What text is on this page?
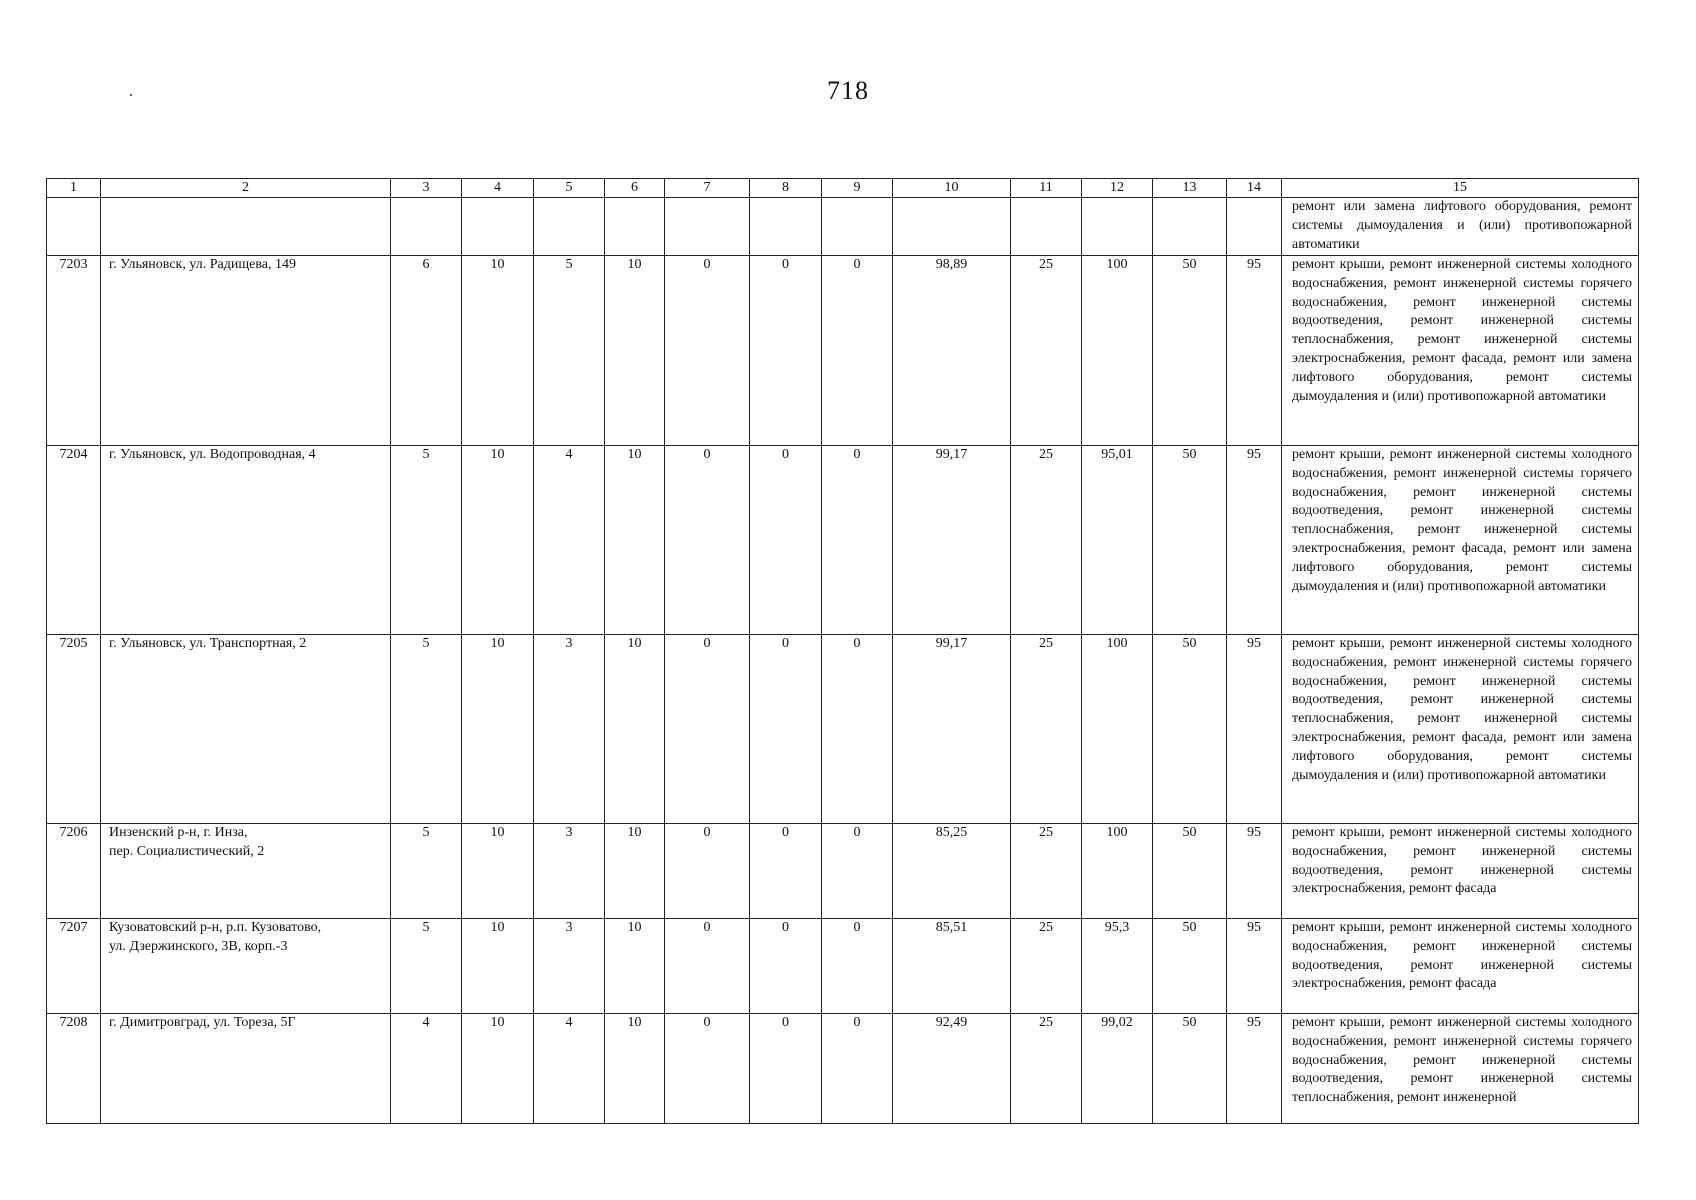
718
1	2	3	4	5	6	7	8	9	10	11	12	13	14	15

													ремонт или замена лифтового оборудования, ремонт системы дымоудаления и (или) противопожарной автоматики
7203	г. Ульяновск, ул. Радищева, 149	6	10	5	10	0	0	0	98,89	25	100	50	95	ремонт крыши, ремонт инженерной системы холодного водоснабжения, ремонт инженерной системы горячего водоснабжения, ремонт инженерной системы водоотведения, ремонт инженерной системы теплоснабжения, ремонт инженерной системы электроснабжения, ремонт фасада, ремонт или замена лифтового оборудования, ремонт системы дымоудаления и (или) противопожарной автоматики
7204	г. Ульяновск, ул. Водопроводная, 4	5	10	4	10	0	0	0	99,17	25	95,01	50	95	ремонт крыши, ремонт инженерной системы холодного водоснабжения, ремонт инженерной системы горячего водоснабжения, ремонт инженерной системы водоотведения, ремонт инженерной системы теплоснабжения, ремонт инженерной системы электроснабжения, ремонт фасада, ремонт или замена лифтового оборудования, ремонт системы дымоудаления и (или) противопожарной автоматики
7205	г. Ульяновск, ул. Транспортная, 2	5	10	3	10	0	0	0	99,17	25	100	50	95	ремонт крыши, ремонт инженерной системы холодного водоснабжения, ремонт инженерной системы горячего водоснабжения, ремонт инженерной системы водоотведения, ремонт инженерной системы теплоснабжения, ремонт инженерной системы электроснабжения, ремонт фасада, ремонт или замена лифтового оборудования, ремонт системы дымоудаления и (или) противопожарной автоматики
7206	Инзенский р-н, г. Инза,
пер. Социалистический, 2	5	10	3	10	0	0	0	85,25	25	100	50	95	ремонт крыши, ремонт инженерной системы холодного водоснабжения, ремонт инженерной системы водоотведения, ремонт инженерной системы электроснабжения, ремонт фасада
7207	Кузоватовский р-н, р.п. Кузоватово,
ул. Дзержинского, 3В, корп.-3	5	10	3	10	0	0	0	85,51	25	95,3	50	95	ремонт крыши, ремонт инженерной системы холодного водоснабжения, ремонт инженерной системы водоотведения, ремонт инженерной системы электроснабжения, ремонт фасада
7208	г. Димитровград, ул. Тореза, 5Г	4	10	4	10	0	0	0	92,49	25	99,02	50	95	ремонт крыши, ремонт инженерной системы холодного водоснабжения, ремонт инженерной системы горячего водоснабжения, ремонт инженерной системы водоотведения, ремонт инженерной системы теплоснабжения, ремонт инженерной
